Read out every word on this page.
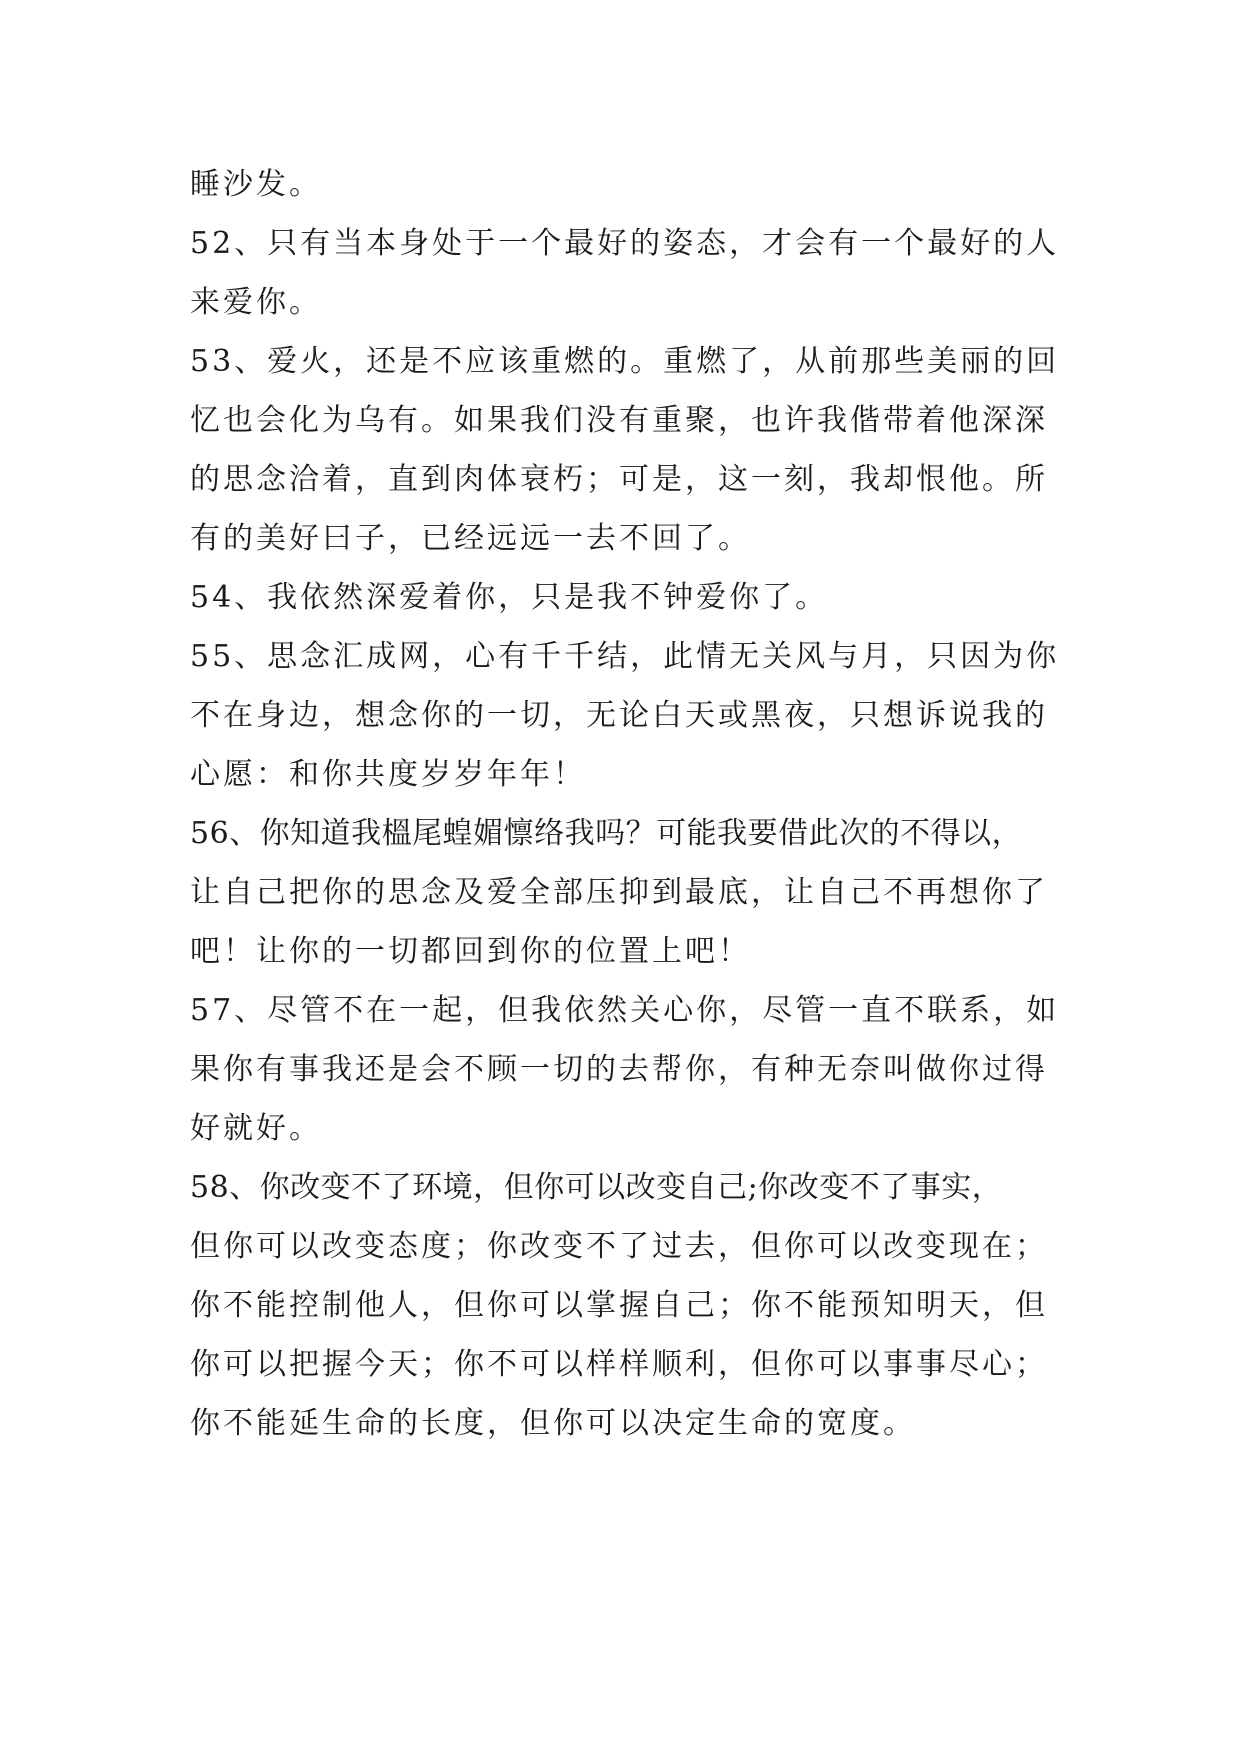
睡沙发。
52、只有当本身处于一个最好的姿态，才会有一个最好的人
来爱你。
53、爱火，还是不应该重燃的。重燃了，从前那些美丽的回
忆也会化为乌有。如果我们没有重聚，也许我偕带着他深深
的思念洽着，直到肉体衰朽；可是，这一刻，我却恨他。所
有的美好曰子，已经远远一去不回了。
54、我依然深爱着你，只是我不钟爱你了。
55、思念汇成网，心有千千结，此情无关风与月，只因为你
不在身边，想念你的一切，无论白天或黑夜，只想诉说我的
心愿：和你共度岁岁年年！
56、你知道我榲尾蝗媚懔络我吗？可能我要借此次的不得以，
让自己把你的思念及爱全部压抑到最底，让自己不再想你了
吧！让你的一切都回到你的位置上吧！
57、尽管不在一起，但我依然关心你，尽管一直不联系，如
果你有事我还是会不顾一切的去帮你，有种无奈叫做你过得
好就好。
58、你改变不了环境，但你可以改变自己;你改变不了事实，
但你可以改变态度；你改变不了过去，但你可以改变现在；
你不能控制他人，但你可以掌握自己；你不能预知明天，但
你可以把握今天；你不可以样样顺利，但你可以事事尽心；
你不能延生命的长度，但你可以决定生命的宽度。
